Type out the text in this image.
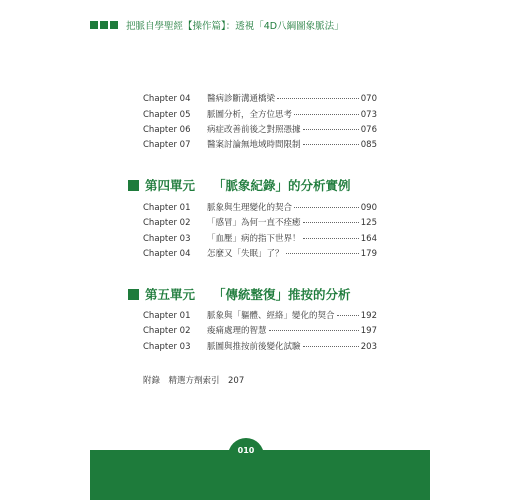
把脈自學聖經【操作篇】：透視「4D八綱圖象脈法」
Chapter 04	醫病診斷溝通橋梁	070
Chapter 05	脈圖分析，全方位思考	073
Chapter 06	病症改善前後之對照憑據	076
Chapter 07	醫案討論無地域時間限制	085
第四單元	「脈象紀錄」的分析實例
Chapter 01	脈象與生理變化的契合	090
Chapter 02	「感冒」為何一直不痊癒	125
Chapter 03	「血壓」病的指下世界！	164
Chapter 04	怎麼又「失眠」了？	179
第五單元	「傳統整復」推按的分析
Chapter 01	脈象與「軀體、經絡」變化的契合	192
Chapter 02	痠痛處理的智慧	197
Chapter 03	脈圖與推按前後變化試驗	203
附錄　精選方劑索引　207
010
